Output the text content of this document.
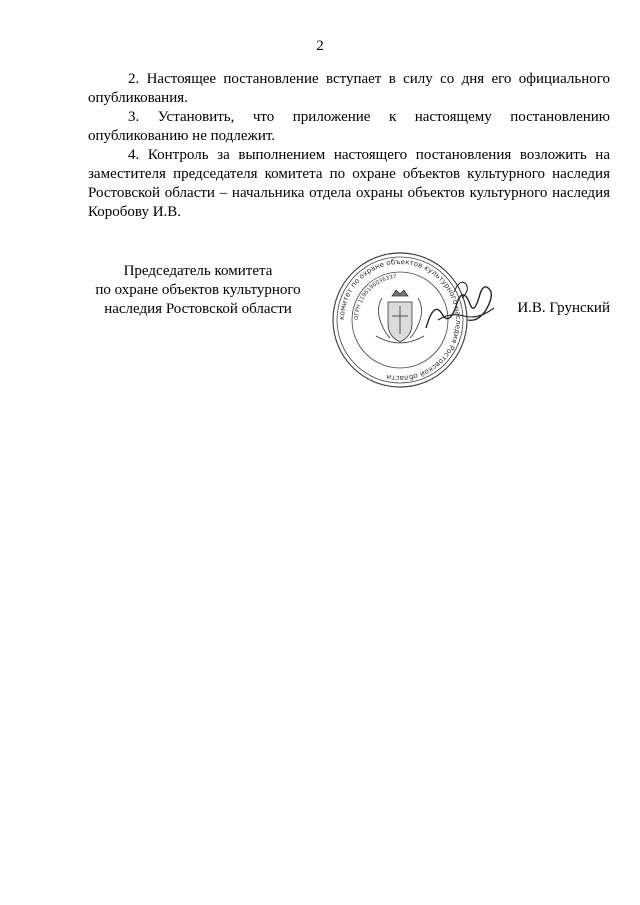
2

2. Настоящее постановление вступает в силу со дня его официального опубликования.

3. Установить, что приложение к настоящему постановлению опубликованию не подлежит.

4. Контроль за выполнением настоящего постановления возложить на заместителя председателя комитета по охране объектов культурного наследия Ростовской области – начальника отдела охраны объектов культурного наследия Коробову И.В.

Председатель комитета
по охране объектов культурного
наследия Ростовской области
комитет по охране объектов культурного наследия Ростовской области
ОГРН 1196196036337
И.В. Грунский
